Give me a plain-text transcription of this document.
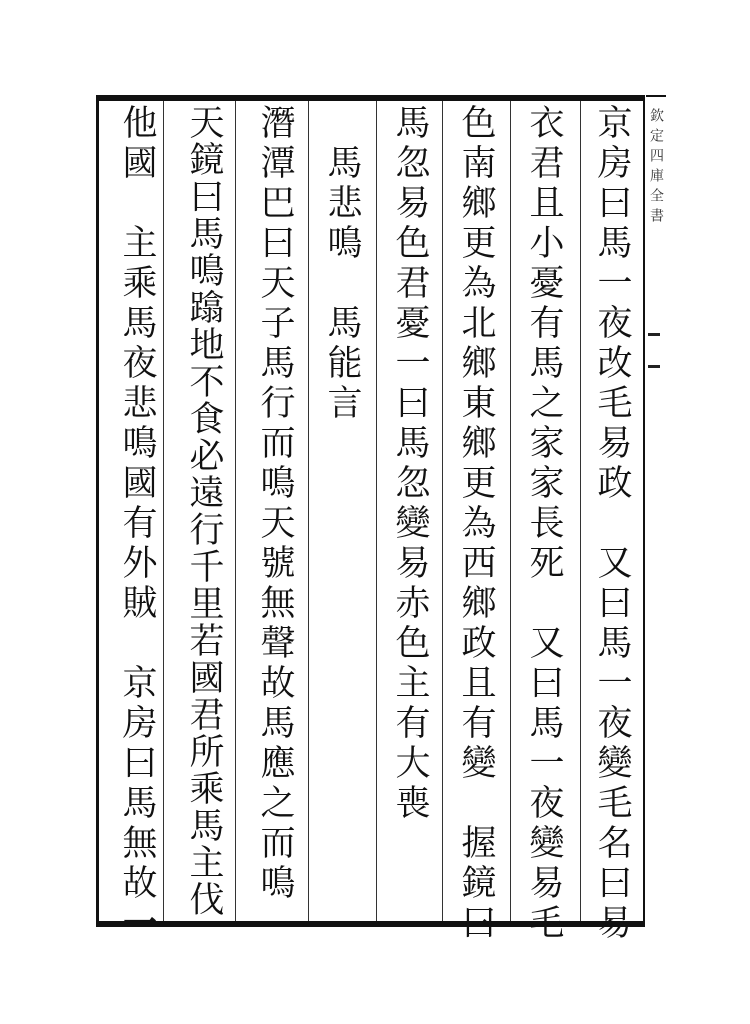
京房曰馬一夜改毛易政　又曰馬一夜變毛名曰易
衣君且小憂有馬之家家長死　又曰馬一夜變易毛
色南鄉更為北鄉東鄉更為西鄉政且有變　握鏡曰
馬忽易色君憂一曰馬忽變易赤色主有大喪
　馬悲鳴　馬能言
潛潭巴曰天子馬行而鳴天號無聲故馬應之而鳴
天鏡曰馬鳴蹹地不食必遠行千里若國君所乘馬主伐
他國　主乘馬夜悲鳴國有外賊　京房曰馬無故一	欽定四庫全書
